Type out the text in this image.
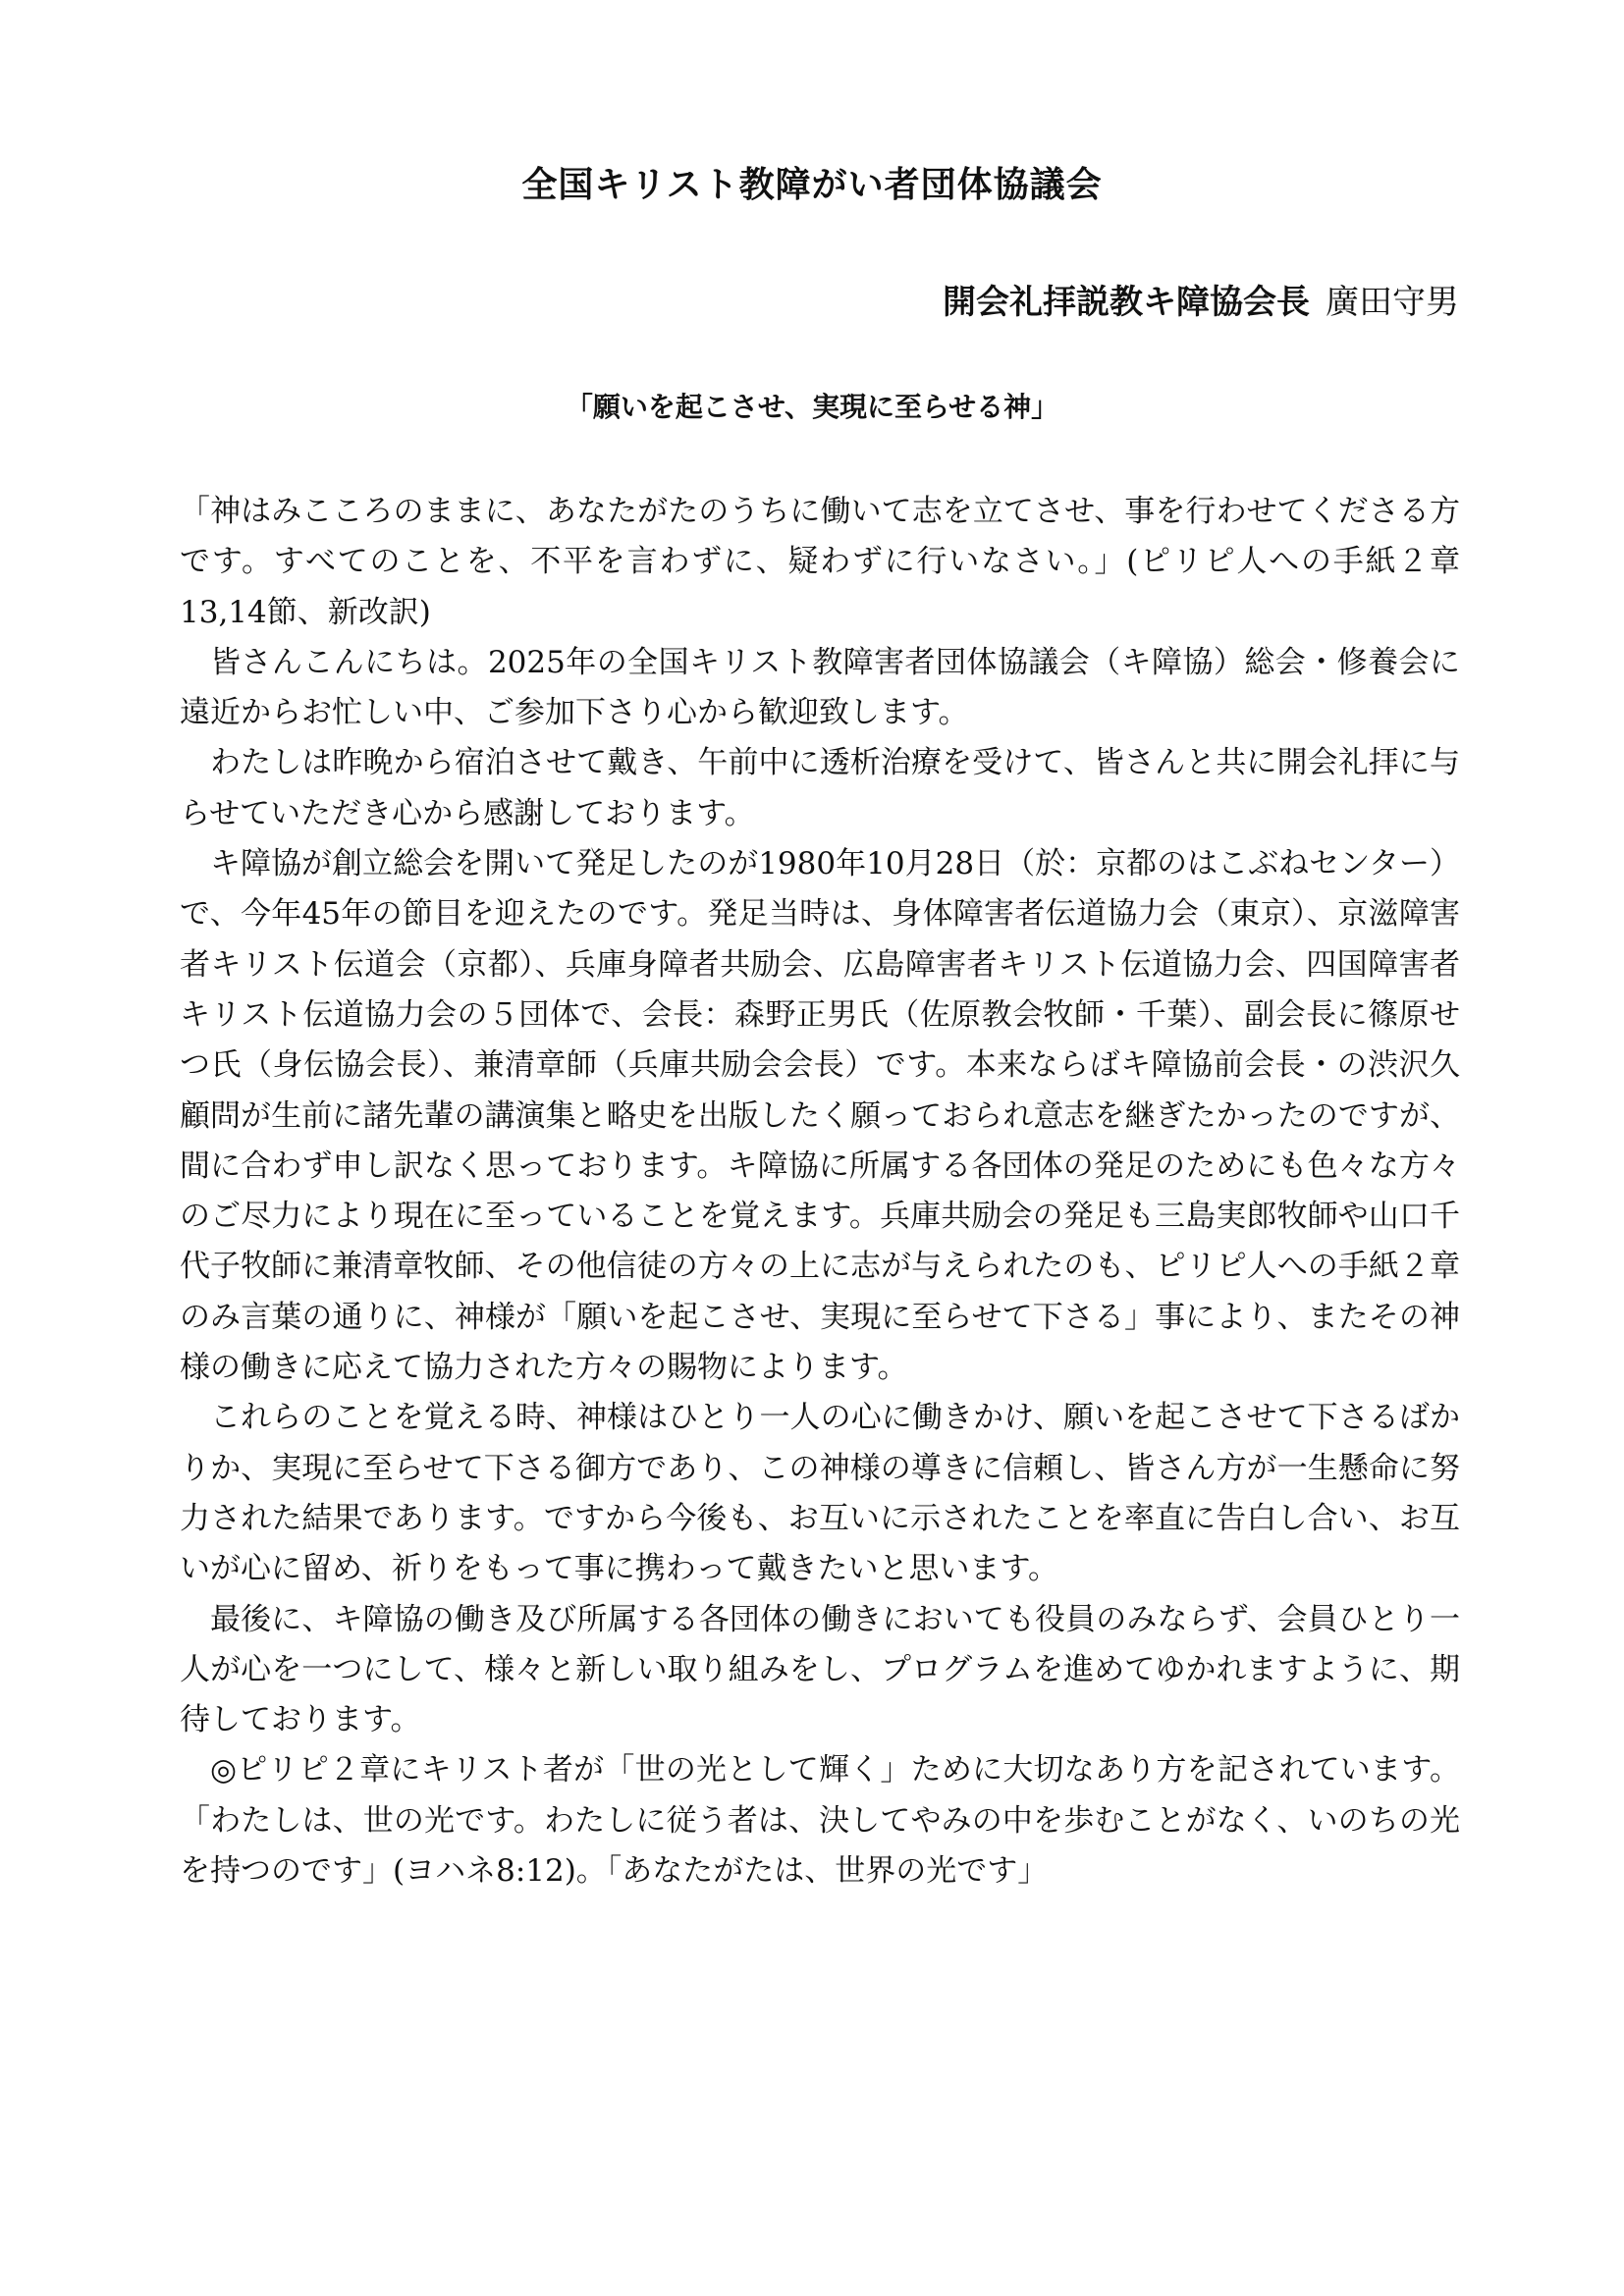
全国キリスト教障がい者団体協議会
開会礼拝説教キ障協会長 廣田守男
「願いを起こさせ、実現に至らせる神」

「神はみこころのままに、あなたがたのうちに働いて志を立てさせ、事を行わせてくださる方です。すべてのことを、不平を言わずに、疑わずに行いなさい。」(ピリピ人への手紙２章13,14節、新改訳)

皆さんこんにちは。2025年の全国キリスト教障害者団体協議会（キ障協）総会・修養会に遠近からお忙しい中、ご参加下さり心から歓迎致します。

わたしは昨晩から宿泊させて戴き、午前中に透析治療を受けて、皆さんと共に開会礼拝に与らせていただき心から感謝しております。

キ障協が創立総会を開いて発足したのが1980年10月28日（於：京都のはこぶねセンター）で、今年45年の節目を迎えたのです。発足当時は、身体障害者伝道協力会（東京）、京滋障害者キリスト伝道会（京都）、兵庫身障者共励会、広島障害者キリスト伝道協力会、四国障害者キリスト伝道協力会の５団体で、会長：森野正男氏（佐原教会牧師・千葉）、副会長に篠原せつ氏（身伝協会長）、兼清章師（兵庫共励会会長）です。本来ならばキ障協前会長・の渋沢久顧問が生前に諸先輩の講演集と略史を出版したく願っておられ意志を継ぎたかったのですが、間に合わず申し訳なく思っております。キ障協に所属する各団体の発足のためにも色々な方々のご尽力により現在に至っていることを覚えます。兵庫共励会の発足も三島実郎牧師や山口千代子牧師に兼清章牧師、その他信徒の方々の上に志が与えられたのも、ピリピ人への手紙２章のみ言葉の通りに、神様が「願いを起こさせ、実現に至らせて下さる」事により、またその神様の働きに応えて協力された方々の賜物によります。

これらのことを覚える時、神様はひとり一人の心に働きかけ、願いを起こさせて下さるばかりか、実現に至らせて下さる御方であり、この神様の導きに信頼し、皆さん方が一生懸命に努力された結果であります。ですから今後も、お互いに示されたことを率直に告白し合い、お互いが心に留め、祈りをもって事に携わって戴きたいと思います。

最後に、キ障協の働き及び所属する各団体の働きにおいても役員のみならず、会員ひとり一人が心を一つにして、様々と新しい取り組みをし、プログラムを進めてゆかれますように、期待しております。

◎ピリピ２章にキリスト者が「世の光として輝く」ために大切なあり方を記されています。「わたしは、世の光です。わたしに従う者は、決してやみの中を歩むことがなく、いのちの光を持つのです」(ヨハネ8:12)。「あなたがたは、世界の光です」
